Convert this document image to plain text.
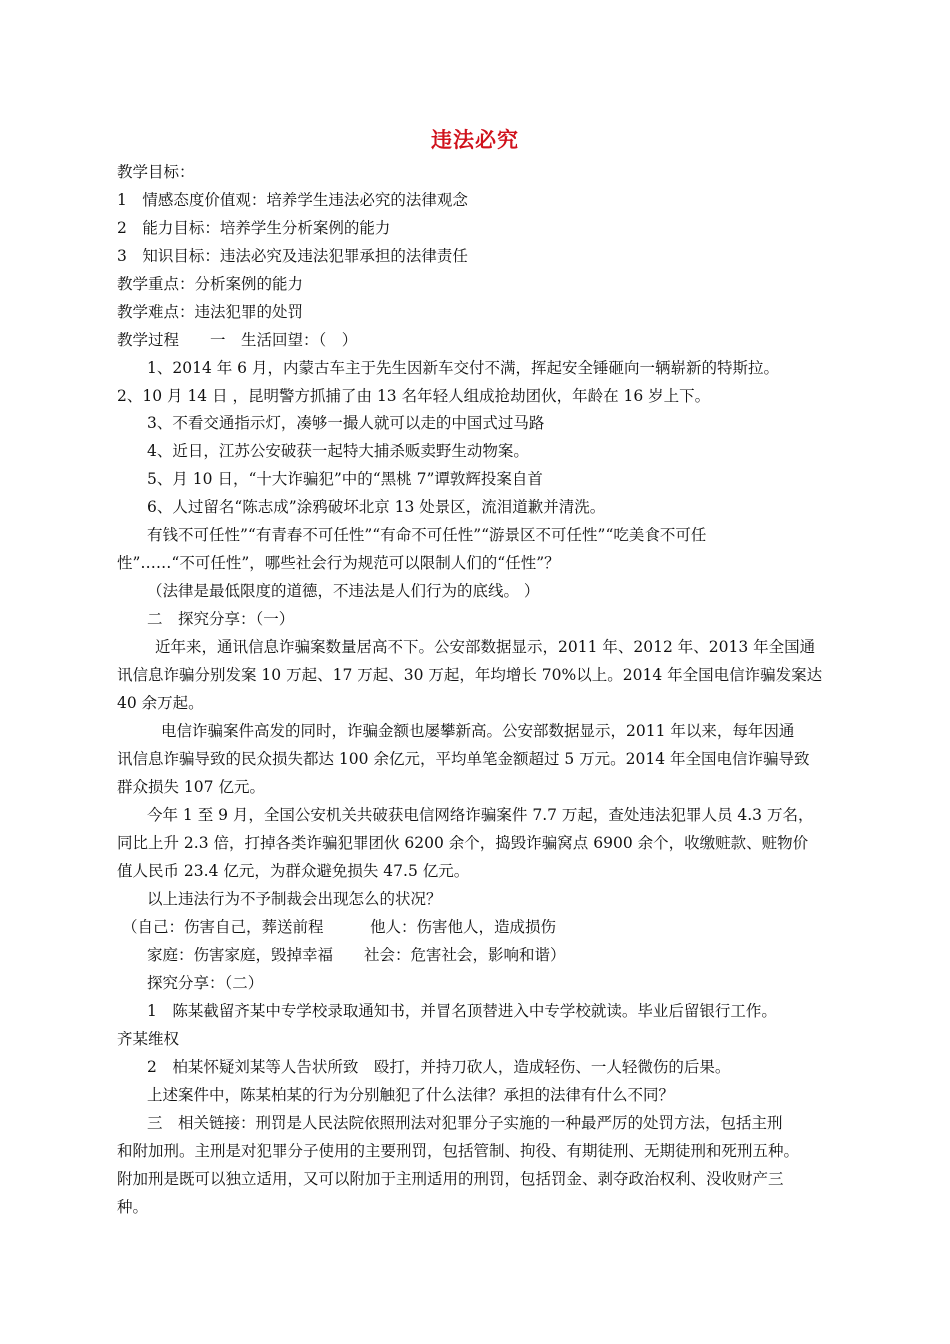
违法必究
教学目标：
1　情感态度价值观：培养学生违法必究的法律观念
2　能力目标：培养学生分析案例的能力
3　知识目标：违法必究及违法犯罪承担的法律责任
教学重点：分析案例的能力
教学难点：违法犯罪的处罚
教学过程　　一　生活回望：（　）
1、2014 年 6 月，内蒙古车主于先生因新车交付不满，挥起安全锤砸向一辆崭新的特斯拉。
2、10 月 14 日 ，昆明警方抓捕了由 13 名年轻人组成抢劫团伙，年龄在 16 岁上下。
3、不看交通指示灯，凑够一撮人就可以走的中国式过马路
4、近日，江苏公安破获一起特大捕杀贩卖野生动物案。
5、月 10 日，“十大诈骗犯”中的“黑桃 7”谭敦辉投案自首
6、人过留名“陈志成”涂鸦破坏北京 13 处景区，流泪道歉并清洗。
有钱不可任性”“有青春不可任性”“有命不可任性”“游景区不可任性”“吃美食不可任
性”……“不可任性”，哪些社会行为规范可以限制人们的“任性”？
（法律是最低限度的道德，不违法是人们行为的底线。 ）
二　探究分享：（一）
近年来，通讯信息诈骗案数量居高不下。公安部数据显示，2011 年、2012 年、2013 年全国通
讯信息诈骗分别发案 10 万起、17 万起、30 万起，年均增长 70%以上。2014 年全国电信诈骗发案达
40 余万起。
电信诈骗案件高发的同时，诈骗金额也屡攀新高。公安部数据显示，2011 年以来，每年因通
讯信息诈骗导致的民众损失都达 100 余亿元，平均单笔金额超过 5 万元。2014 年全国电信诈骗导致
群众损失 107 亿元。
今年 1 至 9 月，全国公安机关共破获电信网络诈骗案件 7.7 万起，查处违法犯罪人员 4.3 万名，
同比上升 2.3 倍，打掉各类诈骗犯罪团伙 6200 余个，捣毁诈骗窝点 6900 余个，收缴赃款、赃物价
值人民币 23.4 亿元，为群众避免损失 47.5 亿元。
以上违法行为不予制裁会出现怎么的状况？
（自己：伤害自己，葬送前程　　　他人：伤害他人，造成损伤
家庭：伤害家庭，毁掉幸福　　社会：危害社会，影响和谐）
探究分享：（二）
1　陈某截留齐某中专学校录取通知书，并冒名顶替进入中专学校就读。毕业后留银行工作。
齐某维权
2　柏某怀疑刘某等人告状所致　殴打，并持刀砍人，造成轻伤、一人轻微伤的后果。
上述案件中，陈某柏某的行为分别触犯了什么法律？承担的法律有什么不同？
三　相关链接：刑罚是人民法院依照刑法对犯罪分子实施的一种最严厉的处罚方法，包括主刑
和附加刑。主刑是对犯罪分子使用的主要刑罚，包括管制、拘役、有期徒刑、无期徒刑和死刑五种。
附加刑是既可以独立适用，又可以附加于主刑适用的刑罚，包括罚金、剥夺政治权利、没收财产三
种。
